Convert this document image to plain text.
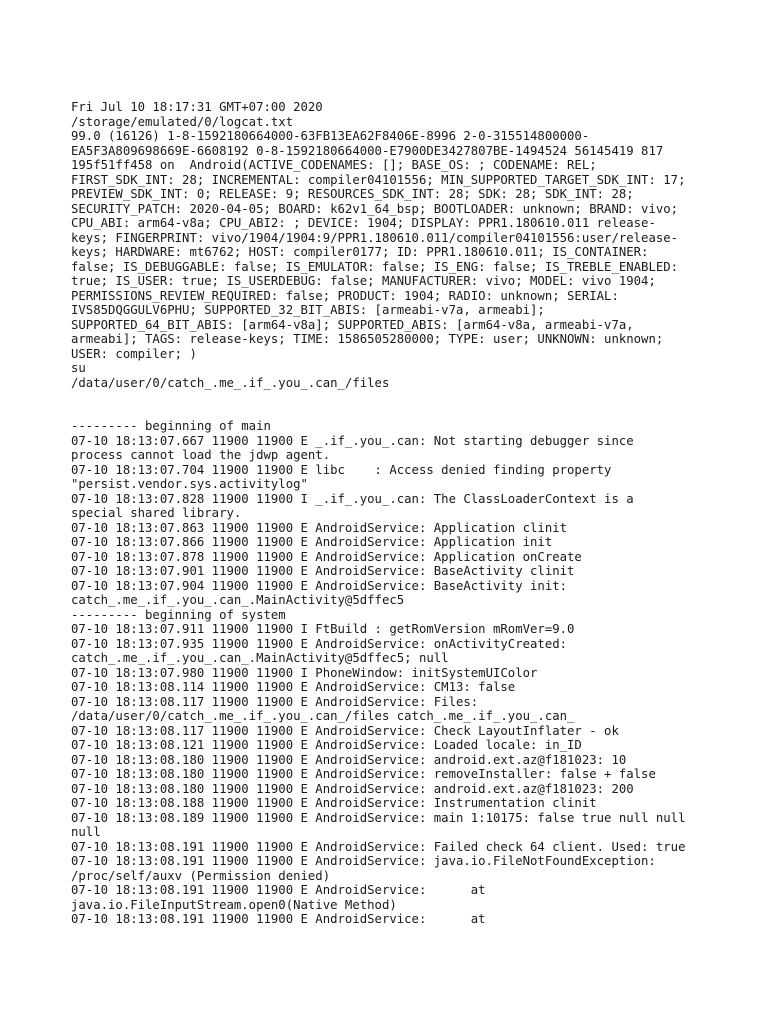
Fri Jul 10 18:17:31 GMT+07:00 2020
/storage/emulated/0/logcat.txt
99.0 (16126) 1-8-1592180664000-63FB13EA62F8406E-8996 2-0-315514800000-
EA5F3A809698669E-6608192 0-8-1592180664000-E7900DE3427807BE-1494524 56145419 817
195f51ff458 on  Android(ACTIVE_CODENAMES: []; BASE_OS: ; CODENAME: REL;
FIRST_SDK_INT: 28; INCREMENTAL: compiler04101556; MIN_SUPPORTED_TARGET_SDK_INT: 17;
PREVIEW_SDK_INT: 0; RELEASE: 9; RESOURCES_SDK_INT: 28; SDK: 28; SDK_INT: 28;
SECURITY_PATCH: 2020-04-05; BOARD: k62v1_64_bsp; BOOTLOADER: unknown; BRAND: vivo;
CPU_ABI: arm64-v8a; CPU_ABI2: ; DEVICE: 1904; DISPLAY: PPR1.180610.011 release-
keys; FINGERPRINT: vivo/1904/1904:9/PPR1.180610.011/compiler04101556:user/release-
keys; HARDWARE: mt6762; HOST: compiler0177; ID: PPR1.180610.011; IS_CONTAINER:
false; IS_DEBUGGABLE: false; IS_EMULATOR: false; IS_ENG: false; IS_TREBLE_ENABLED:
true; IS_USER: true; IS_USERDEBUG: false; MANUFACTURER: vivo; MODEL: vivo 1904;
PERMISSIONS_REVIEW_REQUIRED: false; PRODUCT: 1904; RADIO: unknown; SERIAL:
IVS85DQGGULV6PHU; SUPPORTED_32_BIT_ABIS: [armeabi-v7a, armeabi];
SUPPORTED_64_BIT_ABIS: [arm64-v8a]; SUPPORTED_ABIS: [arm64-v8a, armeabi-v7a,
armeabi]; TAGS: release-keys; TIME: 1586505280000; TYPE: user; UNKNOWN: unknown;
USER: compiler; )
su
/data/user/0/catch_.me_.if_.you_.can_/files
--------- beginning of main
07-10 18:13:07.667 11900 11900 E _.if_.you_.can: Not starting debugger since
process cannot load the jdwp agent.
07-10 18:13:07.704 11900 11900 E libc    : Access denied finding property
"persist.vendor.sys.activitylog"
07-10 18:13:07.828 11900 11900 I _.if_.you_.can: The ClassLoaderContext is a
special shared library.
07-10 18:13:07.863 11900 11900 E AndroidService: Application clinit
07-10 18:13:07.866 11900 11900 E AndroidService: Application init
07-10 18:13:07.878 11900 11900 E AndroidService: Application onCreate
07-10 18:13:07.901 11900 11900 E AndroidService: BaseActivity clinit
07-10 18:13:07.904 11900 11900 E AndroidService: BaseActivity init:
catch_.me_.if_.you_.can_.MainActivity@5dffec5
--------- beginning of system
07-10 18:13:07.911 11900 11900 I FtBuild : getRomVersion mRomVer=9.0
07-10 18:13:07.935 11900 11900 E AndroidService: onActivityCreated:
catch_.me_.if_.you_.can_.MainActivity@5dffec5; null
07-10 18:13:07.980 11900 11900 I PhoneWindow: initSystemUIColor
07-10 18:13:08.114 11900 11900 E AndroidService: CM13: false
07-10 18:13:08.117 11900 11900 E AndroidService: Files:
/data/user/0/catch_.me_.if_.you_.can_/files catch_.me_.if_.you_.can_
07-10 18:13:08.117 11900 11900 E AndroidService: Check LayoutInflater - ok
07-10 18:13:08.121 11900 11900 E AndroidService: Loaded locale: in_ID
07-10 18:13:08.180 11900 11900 E AndroidService: android.ext.az@f181023: 10
07-10 18:13:08.180 11900 11900 E AndroidService: removeInstaller: false + false
07-10 18:13:08.180 11900 11900 E AndroidService: android.ext.az@f181023: 200
07-10 18:13:08.188 11900 11900 E AndroidService: Instrumentation clinit
07-10 18:13:08.189 11900 11900 E AndroidService: main 1:10175: false true null null
null
07-10 18:13:08.191 11900 11900 E AndroidService: Failed check 64 client. Used: true
07-10 18:13:08.191 11900 11900 E AndroidService: java.io.FileNotFoundException:
/proc/self/auxv (Permission denied)
07-10 18:13:08.191 11900 11900 E AndroidService:      at
java.io.FileInputStream.open0(Native Method)
07-10 18:13:08.191 11900 11900 E AndroidService:      at
